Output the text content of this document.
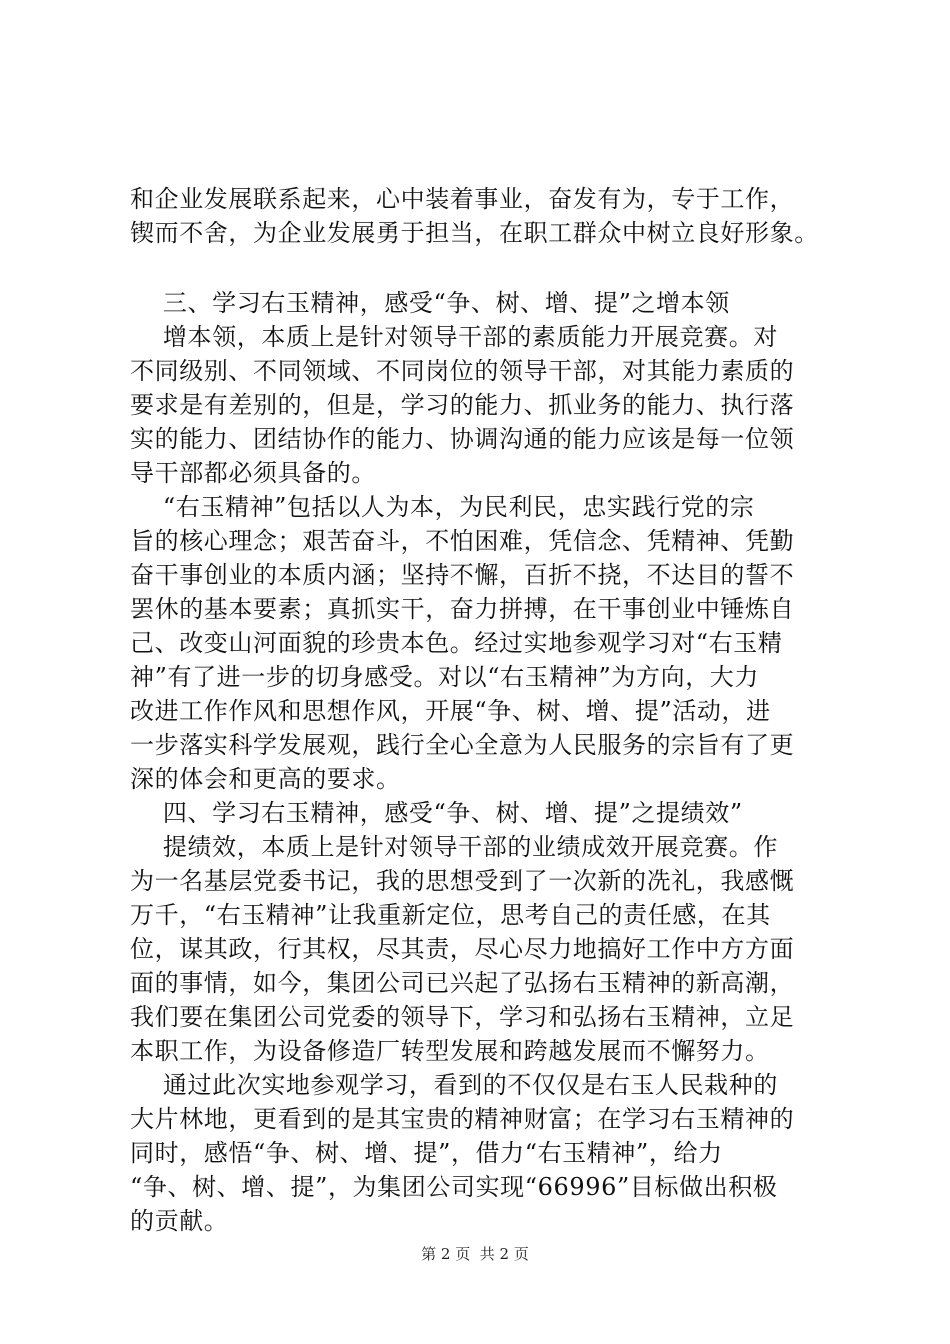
和企业发展联系起来，心中装着事业，奋发有为，专于工作，
锲而不舍，为企业发展勇于担当，在职工群众中树立良好形象。
三、学习右玉精神，感受“争、树、增、提”之增本领
增本领，本质上是针对领导干部的素质能力开展竞赛。对
不同级别、不同领域、不同岗位的领导干部，对其能力素质的
要求是有差别的，但是，学习的能力、抓业务的能力、执行落
实的能力、团结协作的能力、协调沟通的能力应该是每一位领
导干部都必须具备的。
“右玉精神”包括以人为本，为民利民，忠实践行党的宗
旨的核心理念；艰苦奋斗，不怕困难，凭信念、凭精神、凭勤
奋干事创业的本质内涵；坚持不懈，百折不挠，不达目的誓不
罢休的基本要素；真抓实干，奋力拼搏，在干事创业中锤炼自
己、改变山河面貌的珍贵本色。经过实地参观学习对“右玉精
神”有了进一步的切身感受。对以“右玉精神”为方向，大力
改进工作作风和思想作风，开展“争、树、增、提”活动，进
一步落实科学发展观，践行全心全意为人民服务的宗旨有了更
深的体会和更高的要求。
四、学习右玉精神，感受“争、树、增、提”之提绩效”
提绩效，本质上是针对领导干部的业绩成效开展竞赛。作
为一名基层党委书记，我的思想受到了一次新的冼礼，我感慨
万千，“右玉精神”让我重新定位，思考自己的责任感，在其
位，谋其政，行其权，尽其责，尽心尽力地搞好工作中方方面
面的事情，如今，集团公司已兴起了弘扬右玉精神的新高潮，
我们要在集团公司党委的领导下，学习和弘扬右玉精神，立足
本职工作，为设备修造厂转型发展和跨越发展而不懈努力。
通过此次实地参观学习，看到的不仅仅是右玉人民栽种的
大片林地，更看到的是其宝贵的精神财富；在学习右玉精神的
同时，感悟“争、树、增、提”，借力“右玉精神”，给力
“争、树、增、提”，为集团公司实现“66996”目标做出积极
的贡献。
第 2 页  共 2 页
